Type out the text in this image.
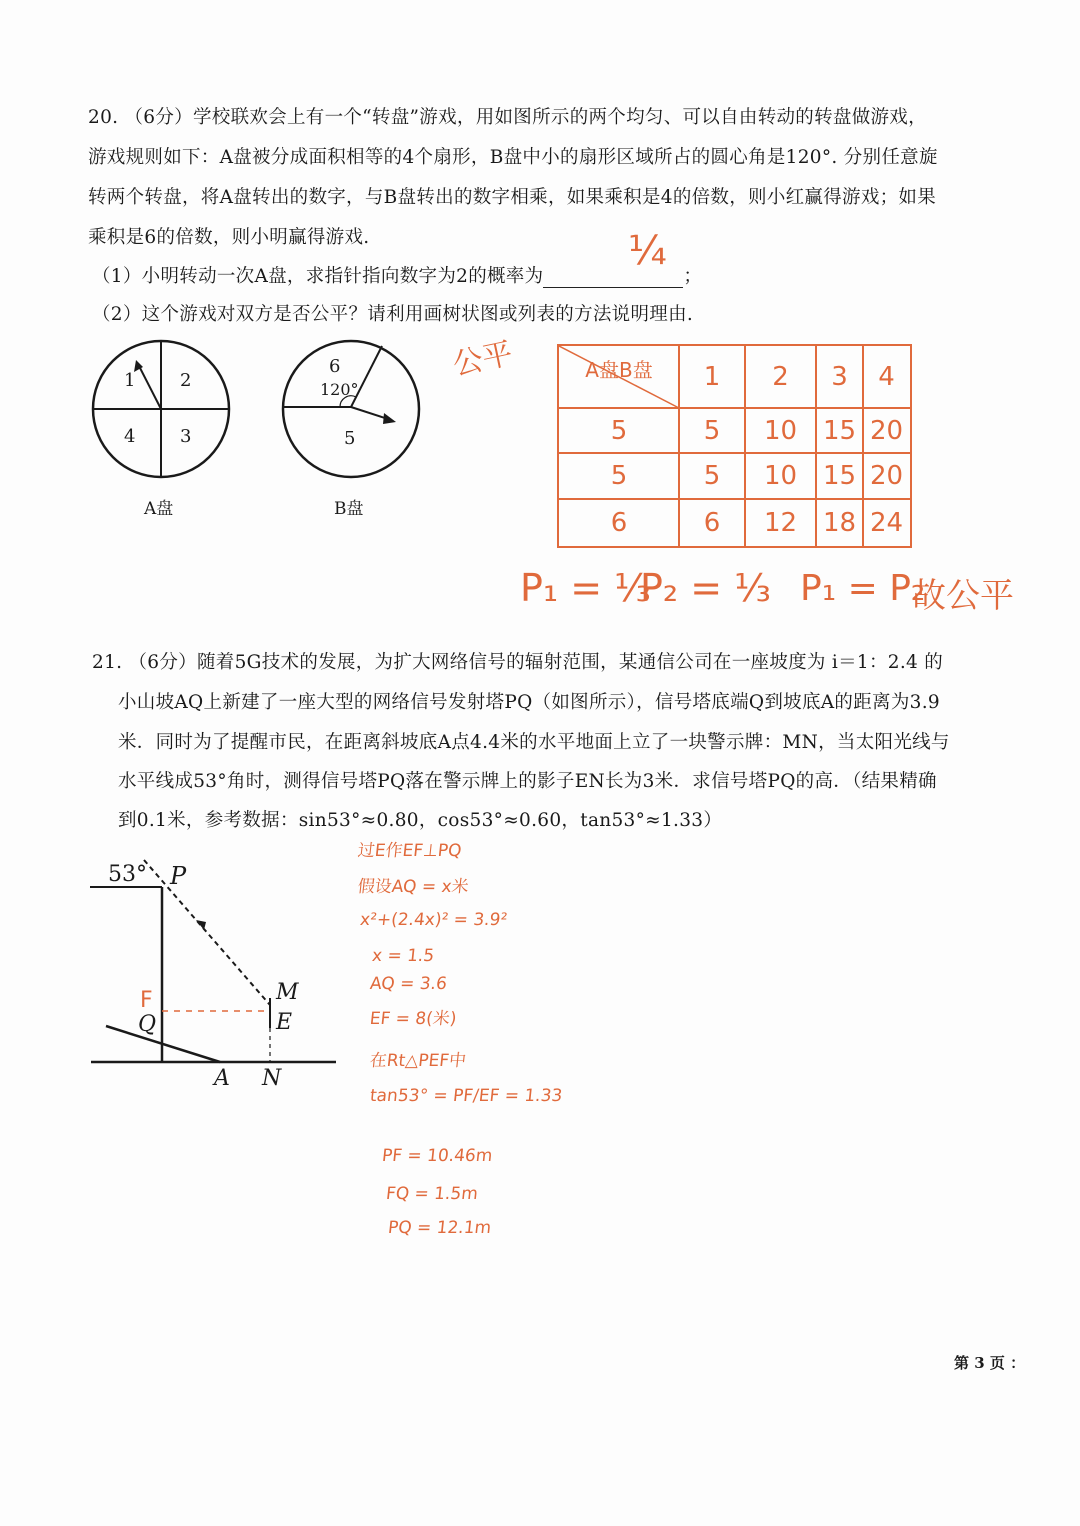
20. （6分）学校联欢会上有一个“转盘”游戏，用如图所示的两个均匀、可以自由转动的转盘做游戏，
游戏规则如下：A盘被分成面积相等的4个扇形，B盘中小的扇形区域所占的圆心角是120°. 分别任意旋
转两个转盘，将A盘转出的数字，与B盘转出的数字相乘，如果乘积是4的倍数，则小红赢得游戏；如果
乘积是6的倍数，则小明赢得游戏.
（1）小明转动一次A盘，求指针指向数字为2的概率为	；
¼
（2）这个游戏对双方是否公平？请利用画树状图或列表的方法说明理由.
1 2
4 3
A盘
6
120°
5
B盘
公平	A盘B盘	1	2	3	4
5	5	10 15 20
5	5	10 15 20
6	6	12 18 24
P₁ = ⅓
P₂ = ⅓ P₁ = P₂
故公平
21. （6分）随着5G技术的发展，为扩大网络信号的辐射范围，某通信公司在一座坡度为 i＝1：2.4 的
小山坡AQ上新建了一座大型的网络信号发射塔PQ（如图所示），信号塔底端Q到坡底A的距离为3.9
米．同时为了提醒市民，在距离斜坡底A点4.4米的水平地面上立了一块警示牌：MN，当太阳光线与
水平线成53°角时，测得信号塔PQ落在警示牌上的影子EN长为3米．求信号塔PQ的高．（结果精确
到0.1米，参考数据：sin53°≈0.80，cos53°≈0.60，tan53°≈1.33）
53° P
M
E
Q
A N
F
过E作EF⊥PQ
假设AQ = x米
x²+(2.4x)² = 3.9²
x = 1.5
AQ = 3.6
EF = 8(米)
在Rt△PEF中
tan53° = PF/EF = 1.33
PF = 10.46m
FQ = 1.5m
PQ = 12.1m
第 3 页 ：
